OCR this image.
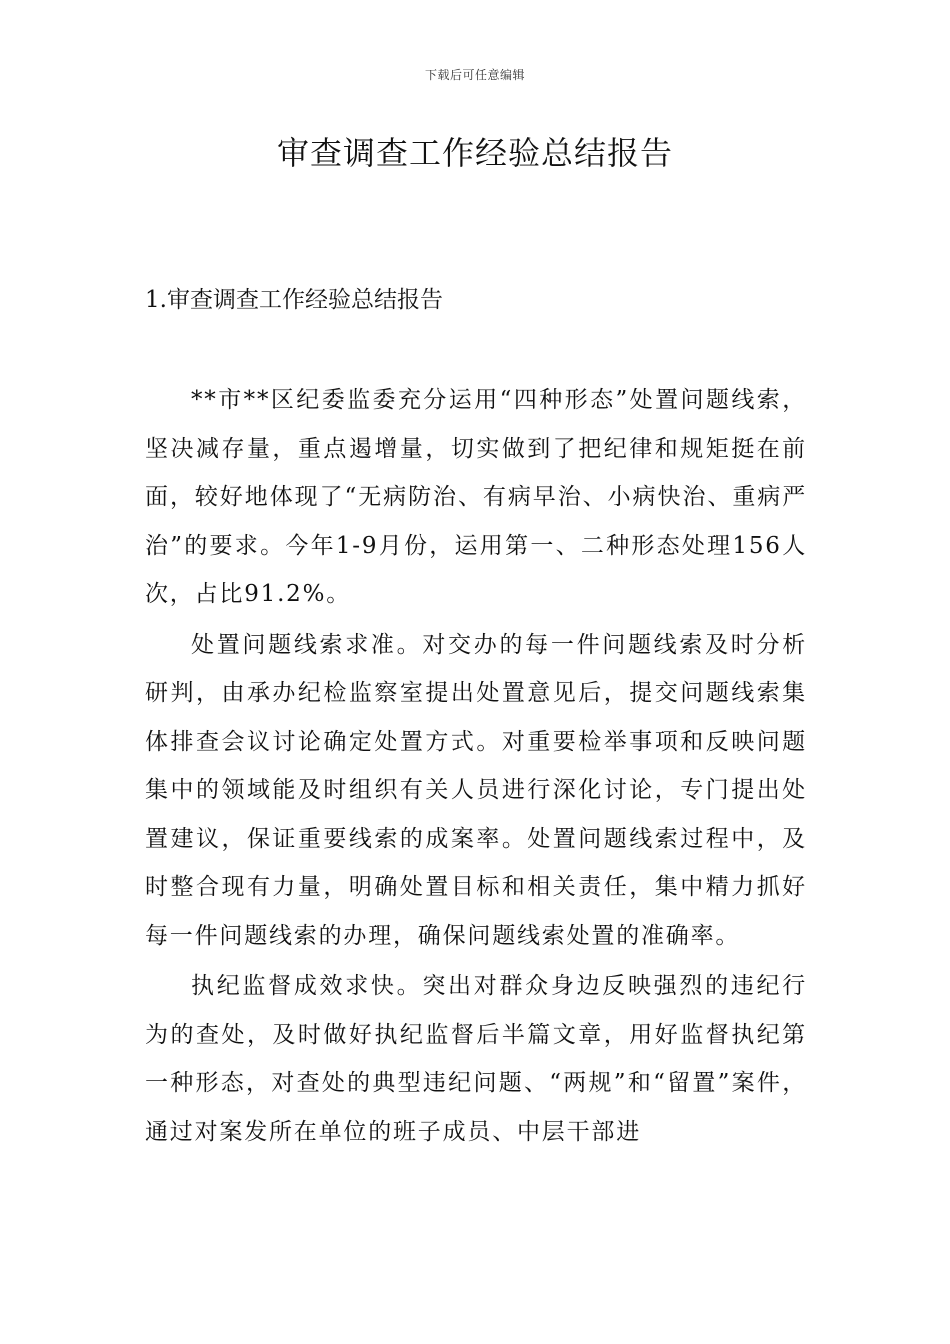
下载后可任意编辑
审查调查工作经验总结报告
1.审查调查工作经验总结报告

**市**区纪委监委充分运用“四种形态”处置问题线索，坚决减存量，重点遏增量，切实做到了把纪律和规矩挺在前面，较好地体现了“无病防治、有病早治、小病快治、重病严治”的要求。今年1-9月份，运用第一、二种形态处理156人次，占比91.2%。

处置问题线索求准。对交办的每一件问题线索及时分析研判，由承办纪检监察室提出处置意见后，提交问题线索集体排查会议讨论确定处置方式。对重要检举事项和反映问题集中的领域能及时组织有关人员进行深化讨论，专门提出处置建议，保证重要线索的成案率。处置问题线索过程中，及时整合现有力量，明确处置目标和相关责任，集中精力抓好每一件问题线索的办理，确保问题线索处置的准确率。

执纪监督成效求快。突出对群众身边反映强烈的违纪行为的查处，及时做好执纪监督后半篇文章，用好监督执纪第一种形态，对查处的典型违纪问题、“两规”和“留置”案件，通过对案发所在单位的班子成员、中层干部进
